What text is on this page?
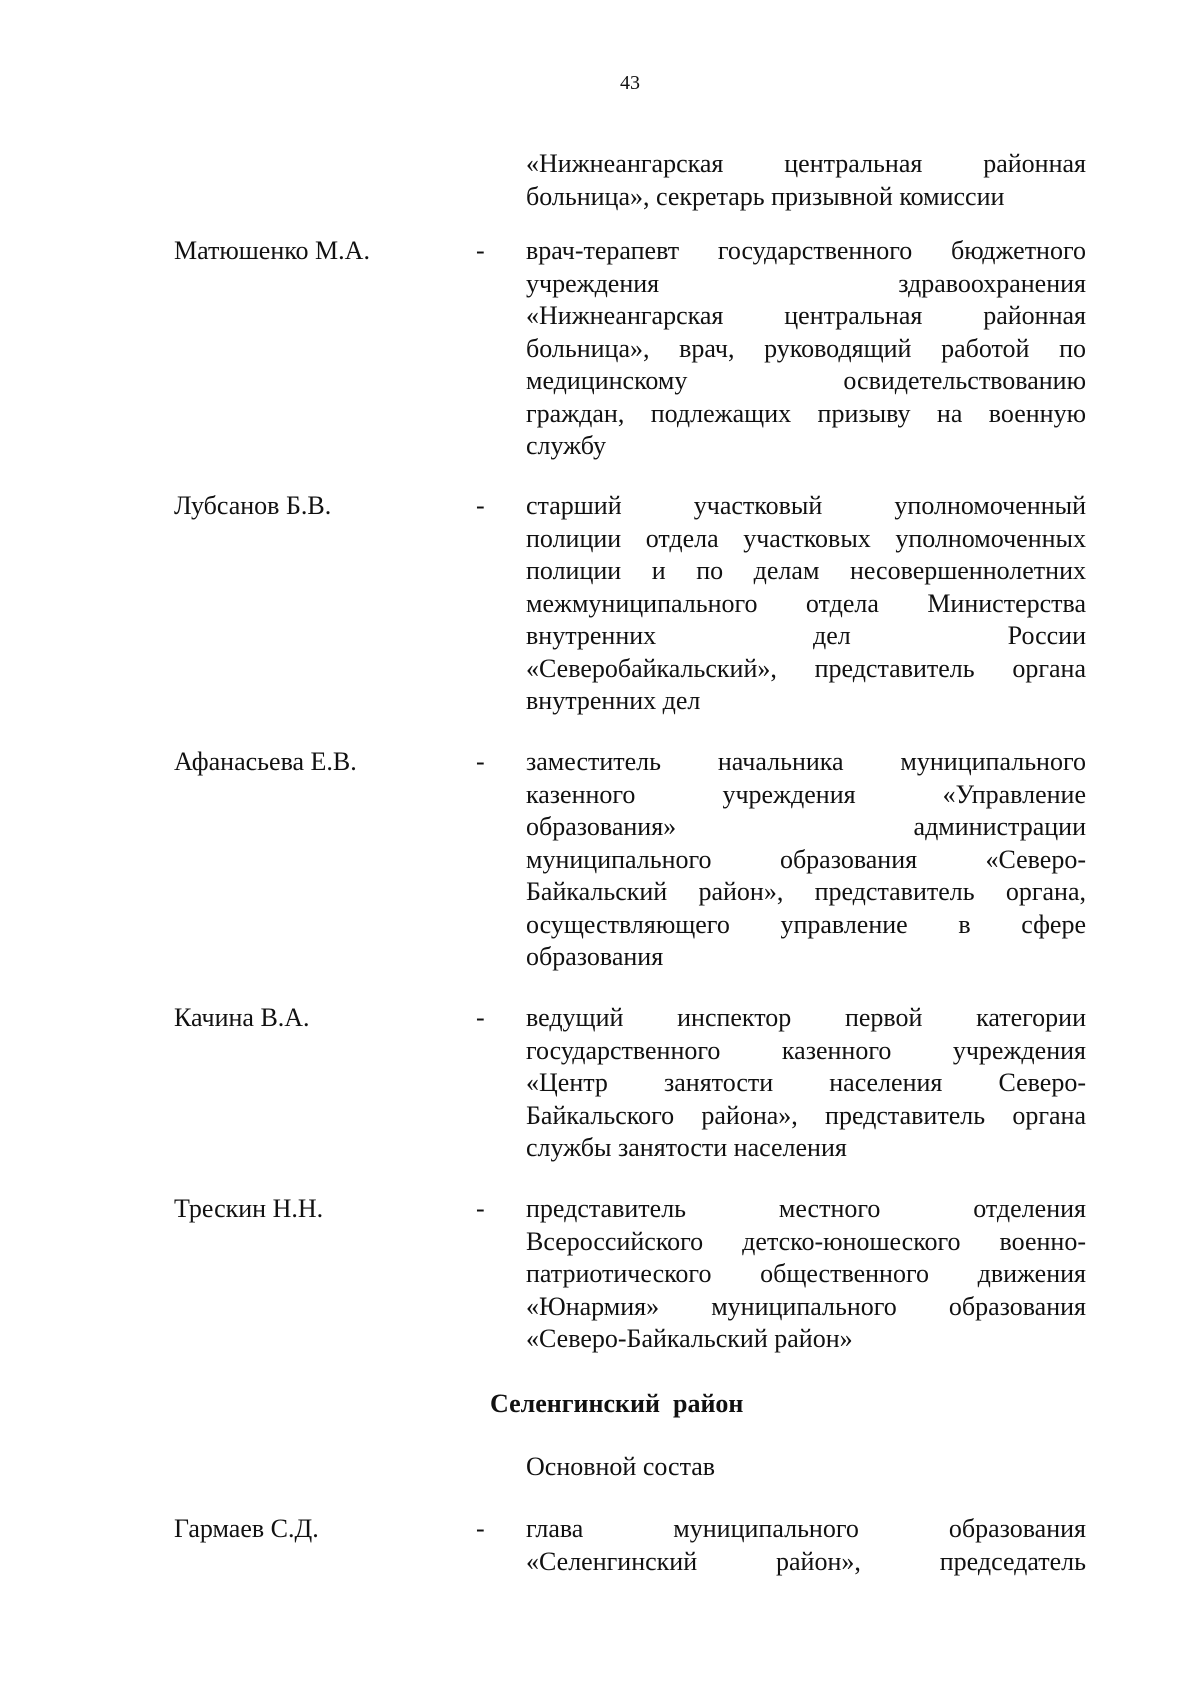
43
«Нижнеангарская центральная районная
больница», секретарь призывной комиссии
Матюшенко М.А.	- врач-терапевт государственного бюджетного
учреждения здравоохранения
«Нижнеангарская центральная районная
больница», врач, руководящий работой по
медицинскому освидетельствованию
граждан, подлежащих призыву на военную
службу
Лубсанов Б.В.	- старший участковый уполномоченный
полиции отдела участковых уполномоченных
полиции и по делам несовершеннолетних
межмуниципального отдела Министерства
внутренних дел России
«Северобайкальский», представитель органа
внутренних дел
Афанасьева Е.В.	- заместитель начальника муниципального
казенного учреждения «Управление
образования» администрации
муниципального образования «Северо-
Байкальский район», представитель органа,
осуществляющего управление в сфере
образования
Качина В.А.	- ведущий инспектор первой категории
государственного казенного учреждения
«Центр занятости населения Северо-
Байкальского района», представитель органа
службы занятости населения
Трескин Н.Н.	- представитель местного отделения
Всероссийского детско-юношеского военно-
патриотического общественного движения
«Юнармия» муниципального образования
«Северо-Байкальский район»
Селенгинский  район
Основной состав
Гармаев С.Д.	- глава муниципального образования
«Селенгинский район», председатель
